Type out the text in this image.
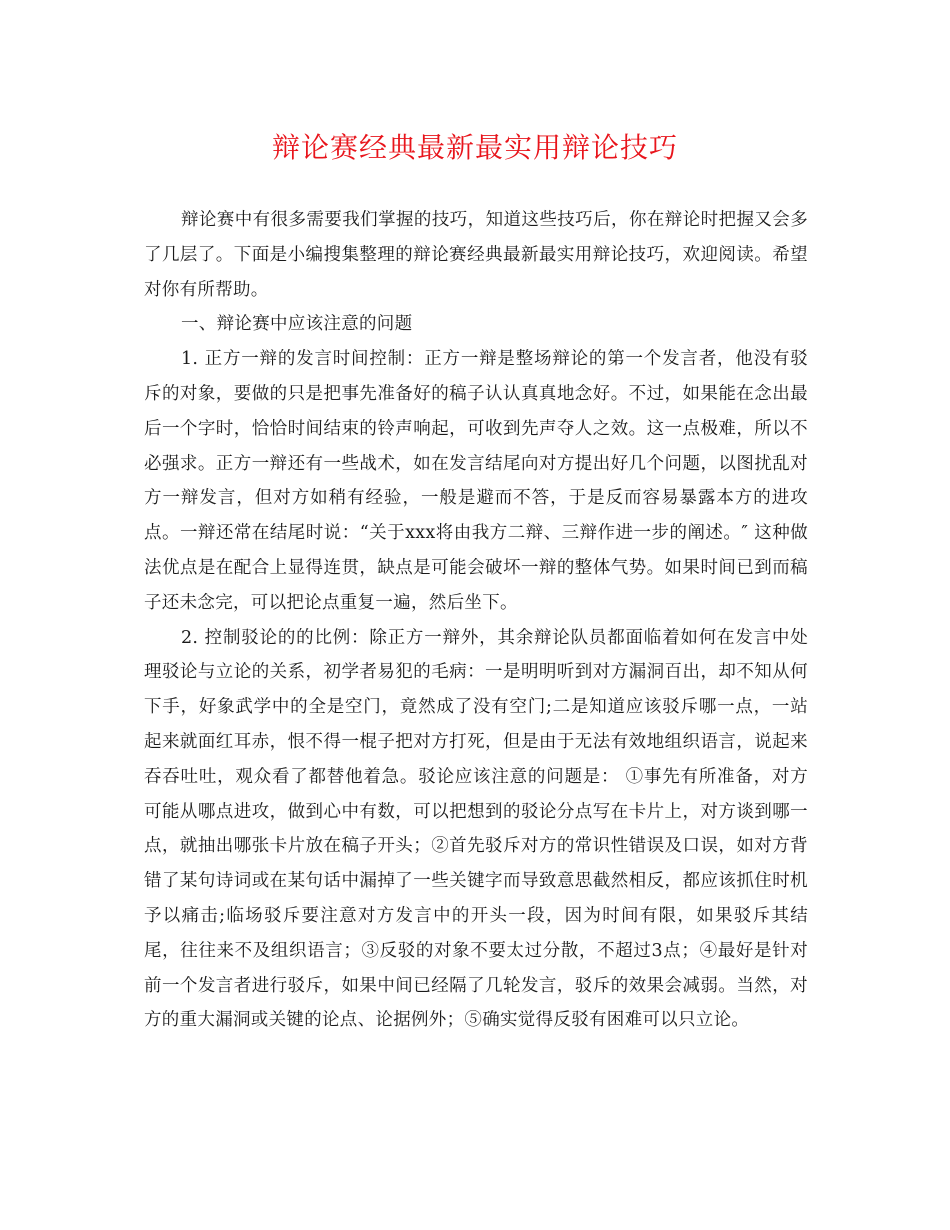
辩论赛经典最新最实用辩论技巧

辩论赛中有很多需要我们掌握的技巧，知道这些技巧后，你在辩论时把握又会多了几层了。下面是小编搜集整理的辩论赛经典最新最实用辩论技巧，欢迎阅读。希望对你有所帮助。

一、辩论赛中应该注意的问题

1. 正方一辩的发言时间控制：正方一辩是整场辩论的第一个发言者，他没有驳斥的对象，要做的只是把事先准备好的稿子认认真真地念好。不过，如果能在念出最后一个字时，恰恰时间结束的铃声响起，可收到先声夺人之效。这一点极难，所以不必强求。正方一辩还有一些战术，如在发言结尾向对方提出好几个问题，以图扰乱对方一辩发言，但对方如稍有经验，一般是避而不答，于是反而容易暴露本方的进攻点。一辩还常在结尾时说：“关于xxx将由我方二辩、三辩作进一步的阐述。″ 这种做法优点是在配合上显得连贯，缺点是可能会破坏一辩的整体气势。如果时间已到而稿子还未念完，可以把论点重复一遍，然后坐下。

2. 控制驳论的的比例：除正方一辩外，其余辩论队员都面临着如何在发言中处理驳论与立论的关系，初学者易犯的毛病：一是明明听到对方漏洞百出，却不知从何下手，好象武学中的全是空门，竟然成了没有空门;二是知道应该驳斥哪一点，一站起来就面红耳赤，恨不得一棍子把对方打死，但是由于无法有效地组织语言，说起来吞吞吐吐，观众看了都替他着急。驳论应该注意的问题是： ①事先有所准备，对方可能从哪点进攻，做到心中有数，可以把想到的驳论分点写在卡片上，对方谈到哪一点，就抽出哪张卡片放在稿子开头；②首先驳斥对方的常识性错误及口误，如对方背错了某句诗词或在某句话中漏掉了一些关键字而导致意思截然相反，都应该抓住时机予以痛击;临场驳斥要注意对方发言中的开头一段，因为时间有限，如果驳斥其结尾，往往来不及组织语言；③反驳的对象不要太过分散，不超过3点；④最好是针对前一个发言者进行驳斥，如果中间已经隔了几轮发言，驳斥的效果会减弱。当然，对方的重大漏洞或关键的论点、论据例外；⑤确实觉得反驳有困难可以只立论。
